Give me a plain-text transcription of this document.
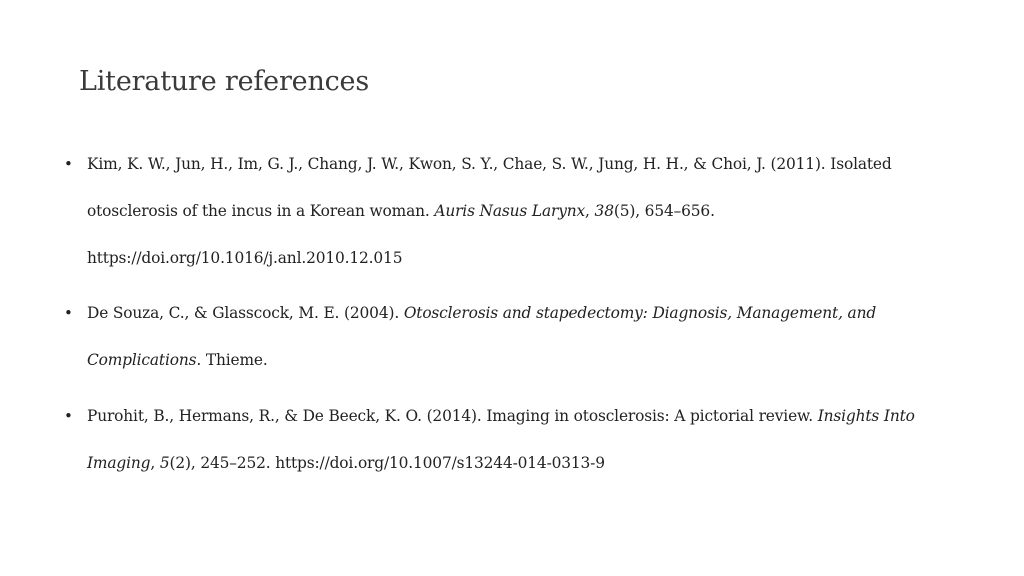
Literature references
• Kim, K. W., Jun, H., Im, G. J., Chang, J. W., Kwon, S. Y., Chae, S. W., Jung, H. H., & Choi, J. (2011). Isolated
otosclerosis of the incus in a Korean woman. Auris Nasus Larynx, 38(5), 654–656.
https://doi.org/10.1016/j.anl.2010.12.015
• De Souza, C., & Glasscock, M. E. (2004). Otosclerosis and stapedectomy: Diagnosis, Management, and
Complications. Thieme.
• Purohit, B., Hermans, R., & De Beeck, K. O. (2014). Imaging in otosclerosis: A pictorial review. Insights Into
Imaging, 5(2), 245–252. https://doi.org/10.1007/s13244-014-0313-9
